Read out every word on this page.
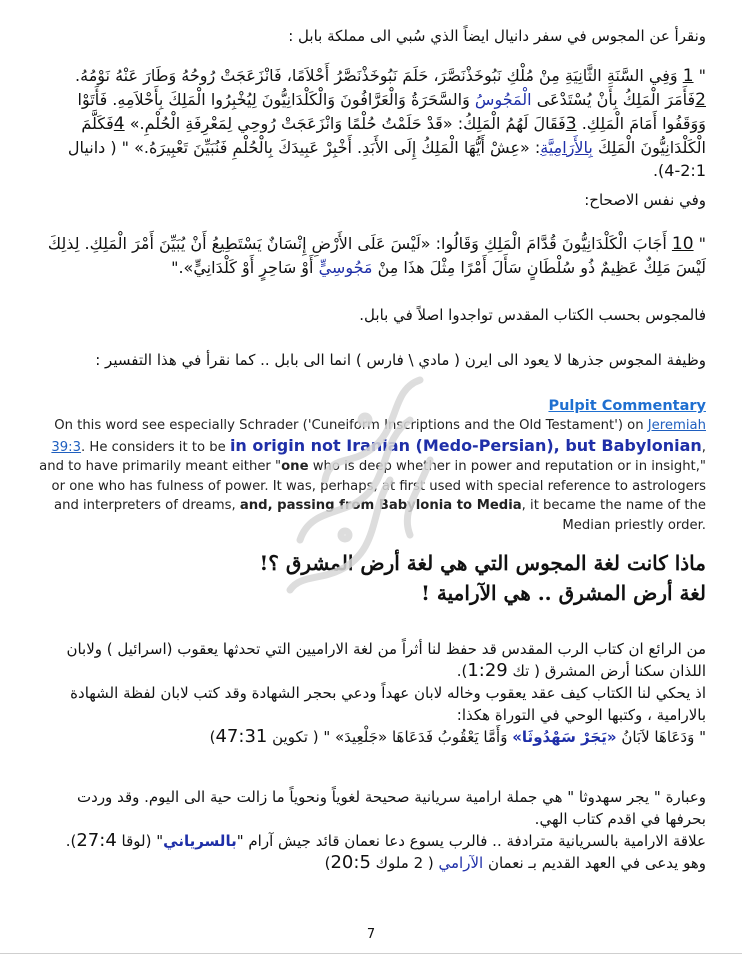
ونقرأ عن المجوس في سفر دانيال ايضاً الذي سُبي الى مملكة بابل :

" 1 وَفِي السَّنَةِ الثَّانِيَةِ مِنْ مُلْكِ نَبُوخَذْنَصَّرَ، حَلَمَ نَبُوخَذْنَصَّرُ أَحْلاَمًا، فَانْزَعَجَتْ رُوحُهُ وَطَارَ عَنْهُ نَوْمُهُ. 2فَأَمَرَ الْمَلِكُ بِأَنْ يُسْتَدْعَى الْمَجُوسُ وَالسَّحَرَةُ وَالْعَرَّافُونَ وَالْكَلْدَانِيُّونَ لِيُخْبِرُوا الْمَلِكَ بِأَحْلاَمِهِ. فَأَتَوْا وَوَقَفُوا أَمَامَ الْمَلِكِ. 3فَقَالَ لَهُمُ الْمَلِكُ: «قَدْ حَلَمْتُ حُلْمًا وَانْزَعَجَتْ رُوحِي لِمَعْرِفَةِ الْحُلْمِ.» 4فَكَلَّمَ الْكَلْدَانِيُّونَ الْمَلِكَ بِالأَرَامِيَّةِ: «عِشْ أَيُّهَا الْمَلِكُ إِلَى الأَبَدِ. أَخْبِرْ عَبِيدَكَ بِالْحُلْمِ فَنُبَيِّنَ تَعْبِيرَهُ.» " ( دانيال 2:1-4).

وفي نفس الاصحاح:

" 10 أَجَابَ الْكَلْدَانِيُّونَ قُدَّامَ الْمَلِكِ وَقَالُوا: «لَيْسَ عَلَى الأَرْضِ إِنْسَانٌ يَسْتَطِيعُ أَنْ يُبَيِّنَ أَمْرَ الْمَلِكِ. لِذلِكَ لَيْسَ مَلِكٌ عَظِيمٌ ذُو سُلْطَانٍ سَأَلَ أَمْرًا مِثْلَ هذَا مِنْ مَجُوسِيٍّ أَوْ سَاحِرٍ أَوْ كَلْدَانِيٍّ»."

فالمجوس بحسب الكتاب المقدس تواجدوا اصلاً في بابل.

وظيفة المجوس جذرها لا يعود الى ايرن ( مادي \ فارس ) انما الى بابل .. كما نقرأ في هذا التفسير :

Pulpit Commentary

On this word see especially Schrader ('Cuneiform Inscriptions and the Old Testament') on Jeremiah 39:3. He considers it to be in origin not Iranian (Medo-Persian), but Babylonian, and to have primarily meant either "one who is deep whether in power and reputation or in insight," or one who has fulness of power. It was, perhaps, at first used with special reference to astrologers and interpreters of dreams, and, passing from Babylonia to Media, it became the name of the Median priestly order.

ماذا كانت لغة المجوس التي هي لغة أرض المشرق ؟!

لغة أرض المشرق .. هي الآرامية !

من الرائع ان كتاب الرب المقدس قد حفظ لنا أثراً من لغة الاراميين التي تحدثها يعقوب (اسرائيل ) ولابان اللذان سكنا أرض المشرق ( تك 1:29).

اذ يحكي لنا الكتاب كيف عقد يعقوب وخاله لابان عهداً ودعي بحجر الشهادة وقد كتب لابان لفظة الشهادة بالارامية ، وكتبها الوحي في التوراة هكذا:

" وَدَعَاهَا لاَبَانُ «يَجَرْ سَهْدُوثَا» وَأَمَّا يَعْقُوبُ فَدَعَاهَا «جَلْعِيدَ» " ( تكوين 47:31)

وعبارة " يجر سهدوثا " هي جملة ارامية سريانية صحيحة لغوياً ونحوياً ما زالت حية الى اليوم. وقد وردت بحرفها في اقدم كتاب الهي.

علاقة الارامية بالسريانية مترادفة .. فالرب يسوع دعا نعمان قائد جيش آرام "بالسرياني" (لوقا 27:4).

وهو يدعى في العهد القديم بـ نعمان الآرامي ( 2 ملوك 20:5)

7
